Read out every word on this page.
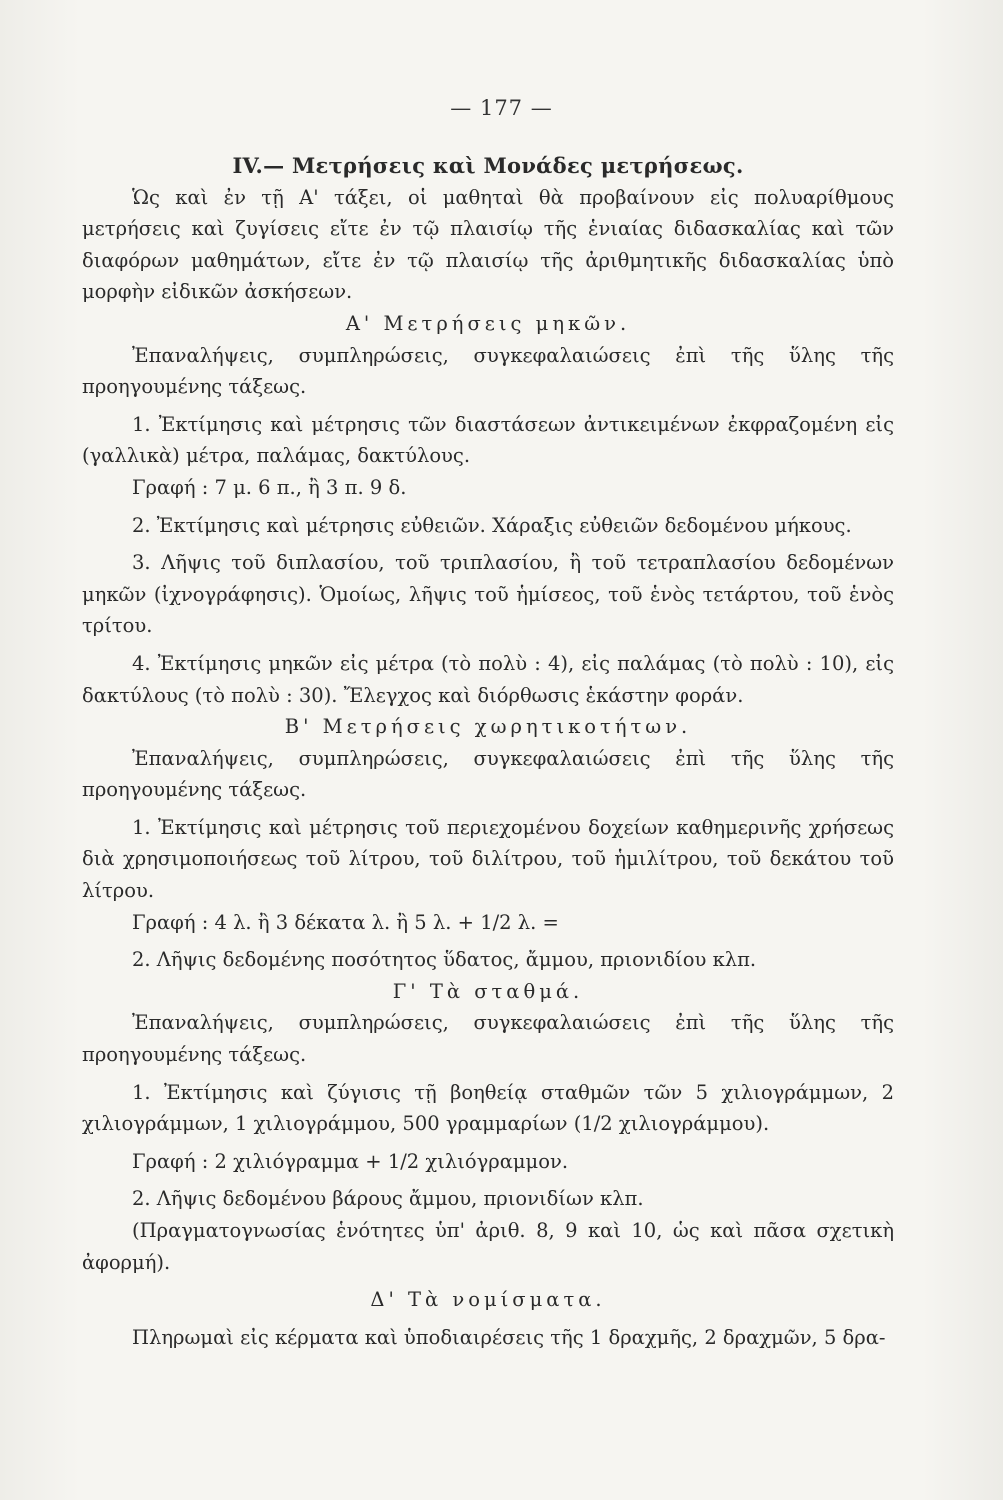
— 177 —

IV.— Μετρήσεις καὶ Μονάδες μετρήσεως.

Ὡς καὶ ἐν τῇ Α' τάξει, οἱ μαθηταὶ θὰ προβαίνουν εἰς πολυαρίθμους μετρήσεις καὶ ζυγίσεις εἴτε ἐν τῷ πλαισίῳ τῆς ἑνιαίας διδασκαλίας καὶ τῶν διαφόρων μαθημάτων, εἴτε ἐν τῷ πλαισίῳ τῆς ἀριθμητικῆς διδασκαλίας ὑπὸ μορφὴν εἰδικῶν ἀσκήσεων.

Α' Μετρήσεις μηκῶν.

Ἐπαναλήψεις, συμπληρώσεις, συγκεφαλαιώσεις ἐπὶ τῆς ὕλης τῆς προηγουμένης τάξεως.

1. Ἐκτίμησις καὶ μέτρησις τῶν διαστάσεων ἀντικειμένων ἐκφραζομένη εἰς (γαλλικὰ) μέτρα, παλάμας, δακτύλους.

Γραφή : 7 μ. 6 π., ἢ 3 π. 9 δ.

2. Ἐκτίμησις καὶ μέτρησις εὐθειῶν. Χάραξις εὐθειῶν δεδομένου μήκους.

3. Λῆψις τοῦ διπλασίου, τοῦ τριπλασίου, ἢ τοῦ τετραπλασίου δεδομένων μηκῶν (ἰχνογράφησις). Ὁμοίως, λῆψις τοῦ ἡμίσεος, τοῦ ἑνὸς τετάρτου, τοῦ ἑνὸς τρίτου.

4. Ἐκτίμησις μηκῶν εἰς μέτρα (τὸ πολὺ : 4), εἰς παλάμας (τὸ πολὺ : 10), εἰς δακτύλους (τὸ πολὺ : 30). Ἔλεγχος καὶ διόρθωσις ἑκάστην φοράν.

Β' Μετρήσεις χωρητικοτήτων.

Ἐπαναλήψεις, συμπληρώσεις, συγκεφαλαιώσεις ἐπὶ τῆς ὕλης τῆς προηγουμένης τάξεως.

1. Ἐκτίμησις καὶ μέτρησις τοῦ περιεχομένου δοχείων καθημερινῆς χρήσεως διὰ χρησιμοποιήσεως τοῦ λίτρου, τοῦ διλίτρου, τοῦ ἡμιλίτρου, τοῦ δεκάτου τοῦ λίτρου.

Γραφή : 4 λ. ἢ 3 δέκατα λ. ἢ 5 λ. + 1/2 λ. =

2. Λῆψις δεδομένης ποσότητος ὕδατος, ἄμμου, πριονιδίου κλπ.

Γ' Τὰ σταθμά.

Ἐπαναλήψεις, συμπληρώσεις, συγκεφαλαιώσεις ἐπὶ τῆς ὕλης τῆς προηγουμένης τάξεως.

1. Ἐκτίμησις καὶ ζύγισις τῇ βοηθείᾳ σταθμῶν τῶν 5 χιλιογράμμων, 2 χιλιογράμμων, 1 χιλιογράμμου, 500 γραμμαρίων (1/2 χιλιογράμμου).

Γραφή : 2 χιλιόγραμμα + 1/2 χιλιόγραμμον.

2. Λῆψις δεδομένου βάρους ἄμμου, πριονιδίων κλπ.

(Πραγματογνωσίας ἑνότητες ὑπ' ἀριθ. 8, 9 καὶ 10, ὡς καὶ πᾶσα σχετικὴ ἀφορμή).

Δ' Τὰ νομίσματα.

Πληρωμαὶ εἰς κέρματα καὶ ὑποδιαιρέσεις τῆς 1 δραχμῆς, 2 δραχμῶν, 5 δρα-
